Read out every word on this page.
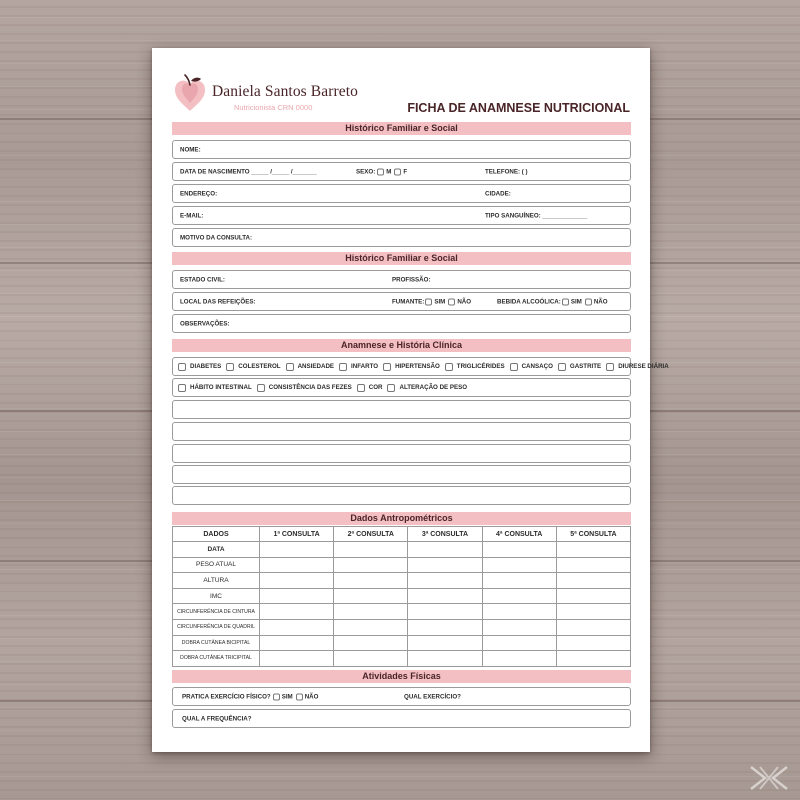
Daniela Santos Barreto
Nutricionista CRN 0000	FICHA DE ANAMNESE NUTRICIONAL
Histórico Familiar e Social
NOME:
DATA DE NASCIMENTO _____ /_____ /_______	SEXO: M F	TELEFONE: ( )
ENDEREÇO:	CIDADE:
E-MAIL:	TIPO SANGUÍNEO: _____________
MOTIVO DA CONSULTA:
Histórico Familiar e Social
ESTADO CIVIL:	PROFISSÃO:
LOCAL DAS REFEIÇÕES:	FUMANTE: SIM NÃO	BEBIDA ALCOÓLICA: SIM NÃO
OBSERVAÇÕES:
Anamnese e História Clínica
DIABETES	COLESTEROL	ANSIEDADE	INFARTO	HIPERTENSÃO	TRIGLICÉRIDES	CANSAÇO	GASTRITE	DIURESE DIÁRIA
HÁBITO INTESTINAL	CONSISTÊNCIA DAS FEZES	COR	ALTERAÇÃO DE PESO
Dados Antropométricos
DADOS	1ª CONSULTA	2ª CONSULTA	3ª CONSULTA	4ª CONSULTA	5ª CONSULTA
DATA					
PESO ATUAL					
ALTURA					
IMC					
CIRCUNFERÊNCIA DE CINTURA					
CIRCUNFERÊNCIA DE QUADRIL					
DOBRA CUTÂNEA BICIPITAL					
DOBRA CUTÂNEA TRICIPITAL					
Atividades Físicas
PRATICA EXERCÍCIO FÍSICO? SIM NÃO	QUAL EXERCÍCIO?
QUAL A FREQUÊNCIA?
